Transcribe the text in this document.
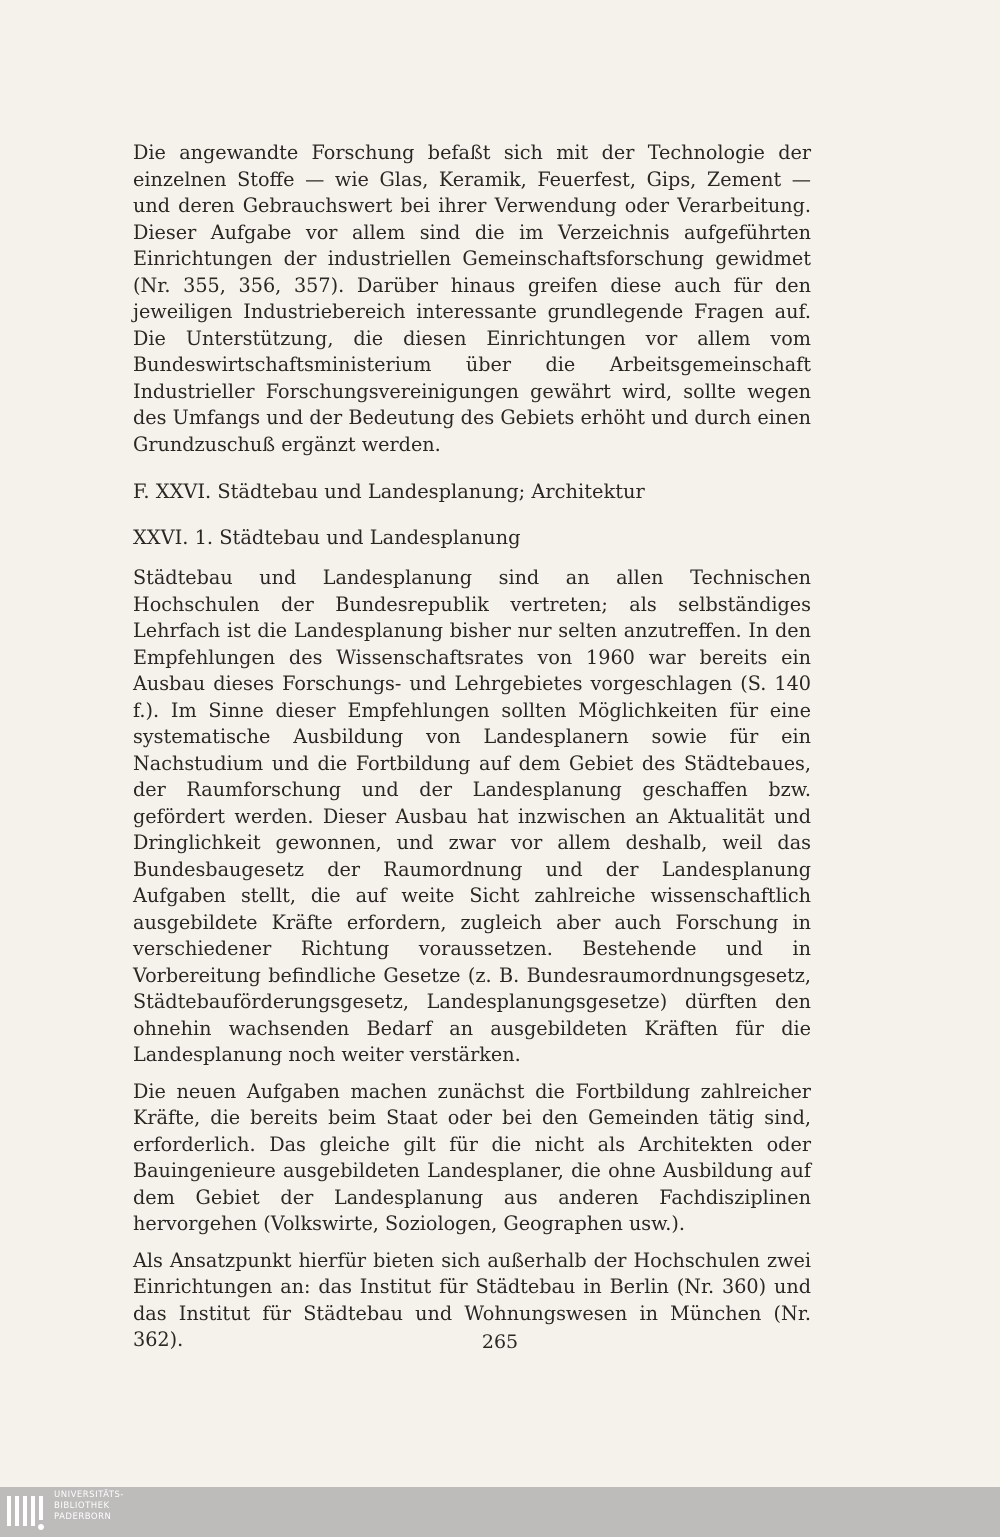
Die angewandte Forschung befaßt sich mit der Technologie der einzelnen Stoffe — wie Glas, Keramik, Feuerfest, Gips, Zement — und deren Gebrauchswert bei ihrer Verwendung oder Verarbeitung. Dieser Aufgabe vor allem sind die im Verzeichnis aufgeführten Einrichtungen der industriellen Gemeinschaftsforschung gewidmet (Nr. 355, 356, 357). Darüber hinaus greifen diese auch für den jeweiligen Industriebereich interessante grundlegende Fragen auf. Die Unterstützung, die diesen Einrichtungen vor allem vom Bundeswirtschaftsministerium über die Arbeitsgemeinschaft Industrieller Forschungsvereinigungen gewährt wird, sollte wegen des Umfangs und der Bedeutung des Gebiets erhöht und durch einen Grundzuschuß ergänzt werden.

F. XXVI. Städtebau und Landesplanung; Architektur
XXVI. 1. Städtebau und Landesplanung

Städtebau und Landesplanung sind an allen Technischen Hochschulen der Bundesrepublik vertreten; als selbständiges Lehrfach ist die Landesplanung bisher nur selten anzutreffen. In den Empfehlungen des Wissenschaftsrates von 1960 war bereits ein Ausbau dieses Forschungs- und Lehrgebietes vorgeschlagen (S. 140 f.). Im Sinne dieser Empfehlungen sollten Möglichkeiten für eine systematische Ausbildung von Landesplanern sowie für ein Nachstudium und die Fortbildung auf dem Gebiet des Städtebaues, der Raumforschung und der Landesplanung geschaffen bzw. gefördert werden. Dieser Ausbau hat inzwischen an Aktualität und Dringlichkeit gewonnen, und zwar vor allem deshalb, weil das Bundesbaugesetz der Raumordnung und der Landesplanung Aufgaben stellt, die auf weite Sicht zahlreiche wissenschaftlich ausgebildete Kräfte erfordern, zugleich aber auch Forschung in verschiedener Richtung voraussetzen. Bestehende und in Vorbereitung befindliche Gesetze (z. B. Bundesraumordnungsgesetz, Städtebauförderungsgesetz, Landesplanungsgesetze) dürften den ohnehin wachsenden Bedarf an ausgebildeten Kräften für die Landesplanung noch weiter verstärken.

Die neuen Aufgaben machen zunächst die Fortbildung zahlreicher Kräfte, die bereits beim Staat oder bei den Gemeinden tätig sind, erforderlich. Das gleiche gilt für die nicht als Architekten oder Bauingenieure ausgebildeten Landesplaner, die ohne Ausbildung auf dem Gebiet der Landesplanung aus anderen Fachdisziplinen hervorgehen (Volkswirte, Soziologen, Geographen usw.).

Als Ansatzpunkt hierfür bieten sich außerhalb der Hochschulen zwei Einrichtungen an: das Institut für Städtebau in Berlin (Nr. 360) und das Institut für Städtebau und Wohnungswesen in München (Nr. 362).	265
UNIVERSITÄTS-
BIBLIOTHEK
PADERBORN
